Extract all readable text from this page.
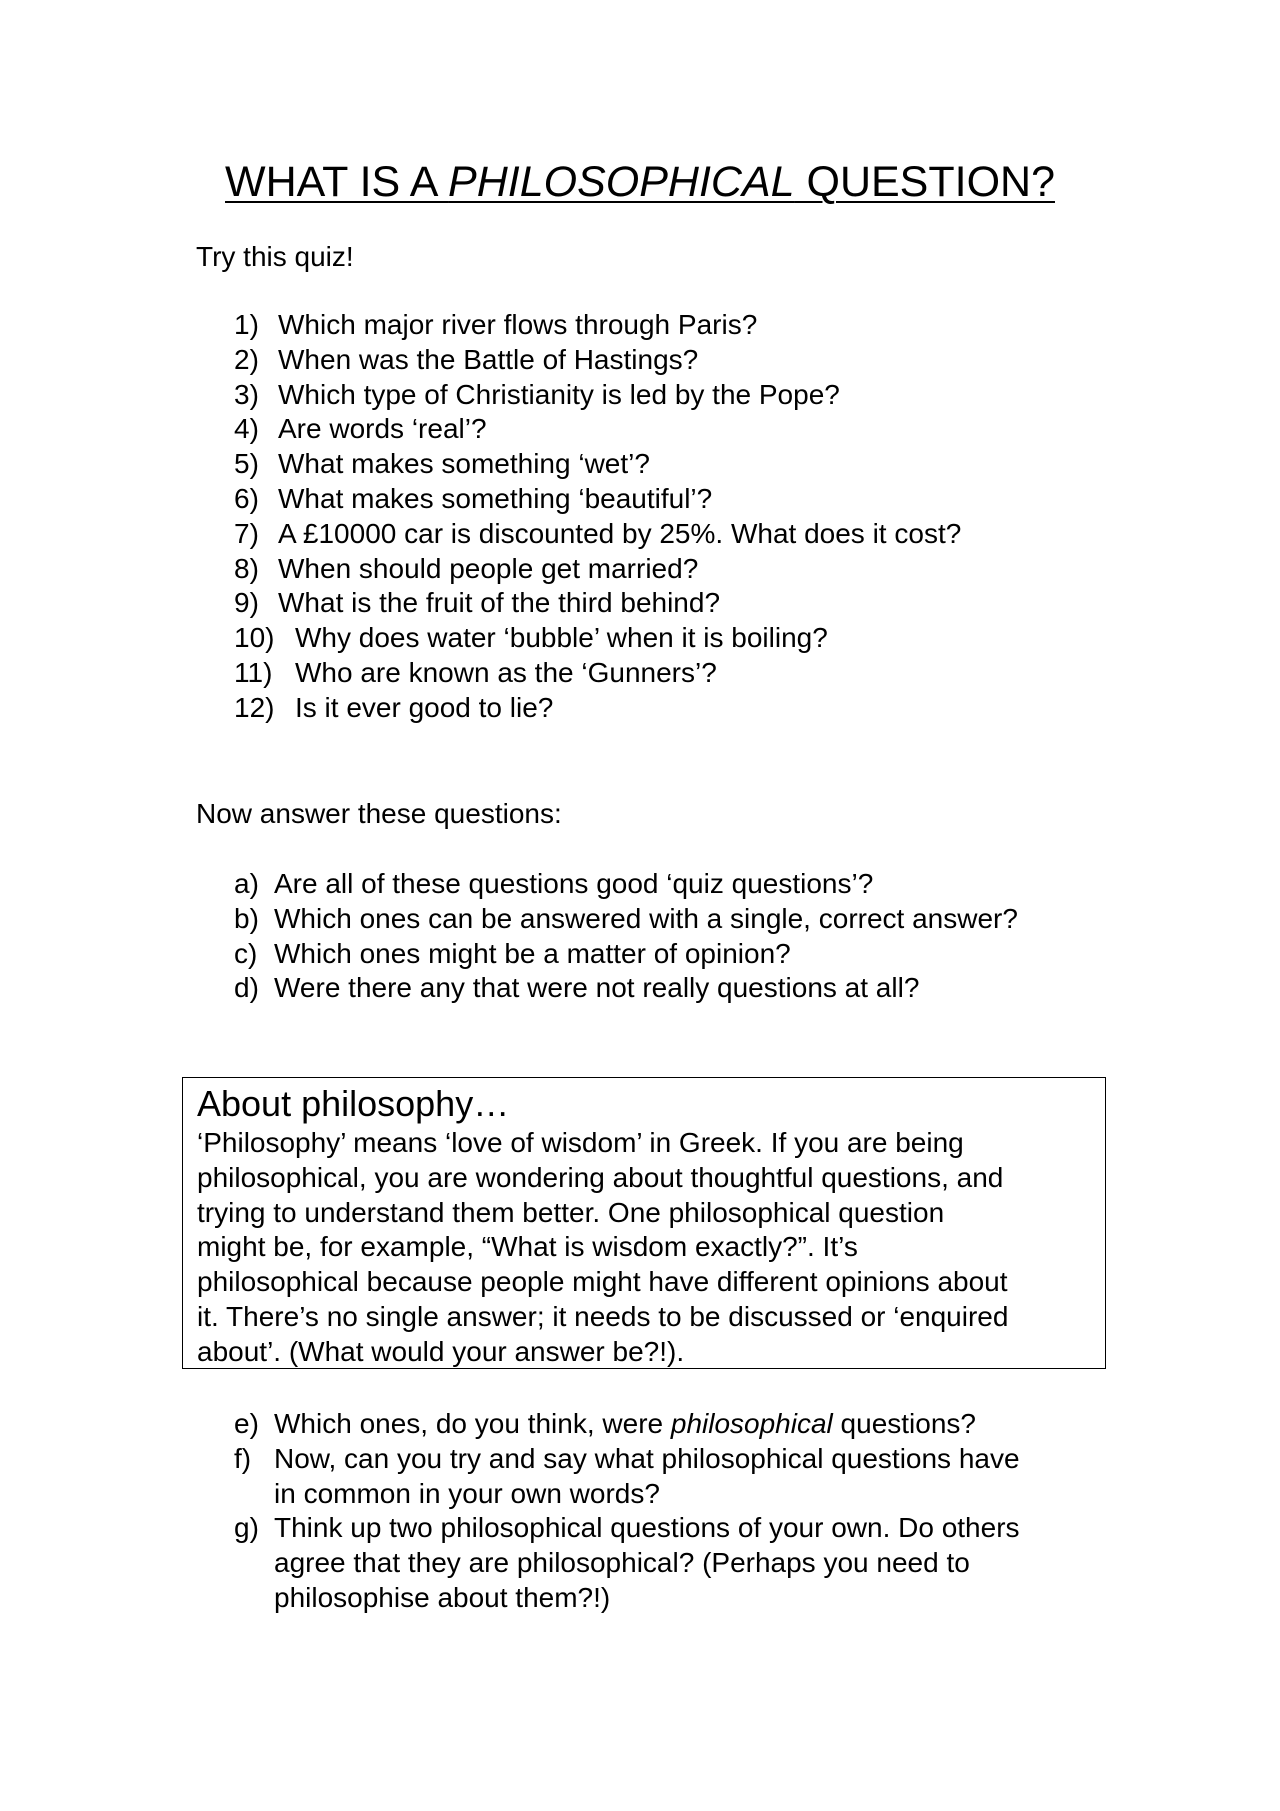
WHAT IS A PHILOSOPHICAL QUESTION?
Try this quiz!
1) Which major river flows through Paris?
2) When was the Battle of Hastings?
3) Which type of Christianity is led by the Pope?
4) Are words ‘real’?
5) What makes something ‘wet’?
6) What makes something ‘beautiful’?
7) A £10000 car is discounted by 25%. What does it cost?
8) When should people get married?
9) What is the fruit of the third behind?
10) Why does water ‘bubble’ when it is boiling?
11) Who are known as the ‘Gunners’?
12) Is it ever good to lie?
Now answer these questions:
a) Are all of these questions good ‘quiz questions’?
b) Which ones can be answered with a single, correct answer?
c) Which ones might be a matter of opinion?
d) Were there any that were not really questions at all?
About philosophy…

‘Philosophy’ means ‘love of wisdom’ in Greek. If you are being

philosophical, you are wondering about thoughtful questions, and

trying to understand them better. One philosophical question

might be, for example, “What is wisdom exactly?”. It’s

philosophical because people might have different opinions about

it. There’s no single answer; it needs to be discussed or ‘enquired

about’. (What would your answer be?!).

e) Which ones, do you think, were philosophical questions?
f) Now, can you try and say what philosophical questions have
in common in your own words?
g) Think up two philosophical questions of your own. Do others
agree that they are philosophical? (Perhaps you need to
philosophise about them?!)
